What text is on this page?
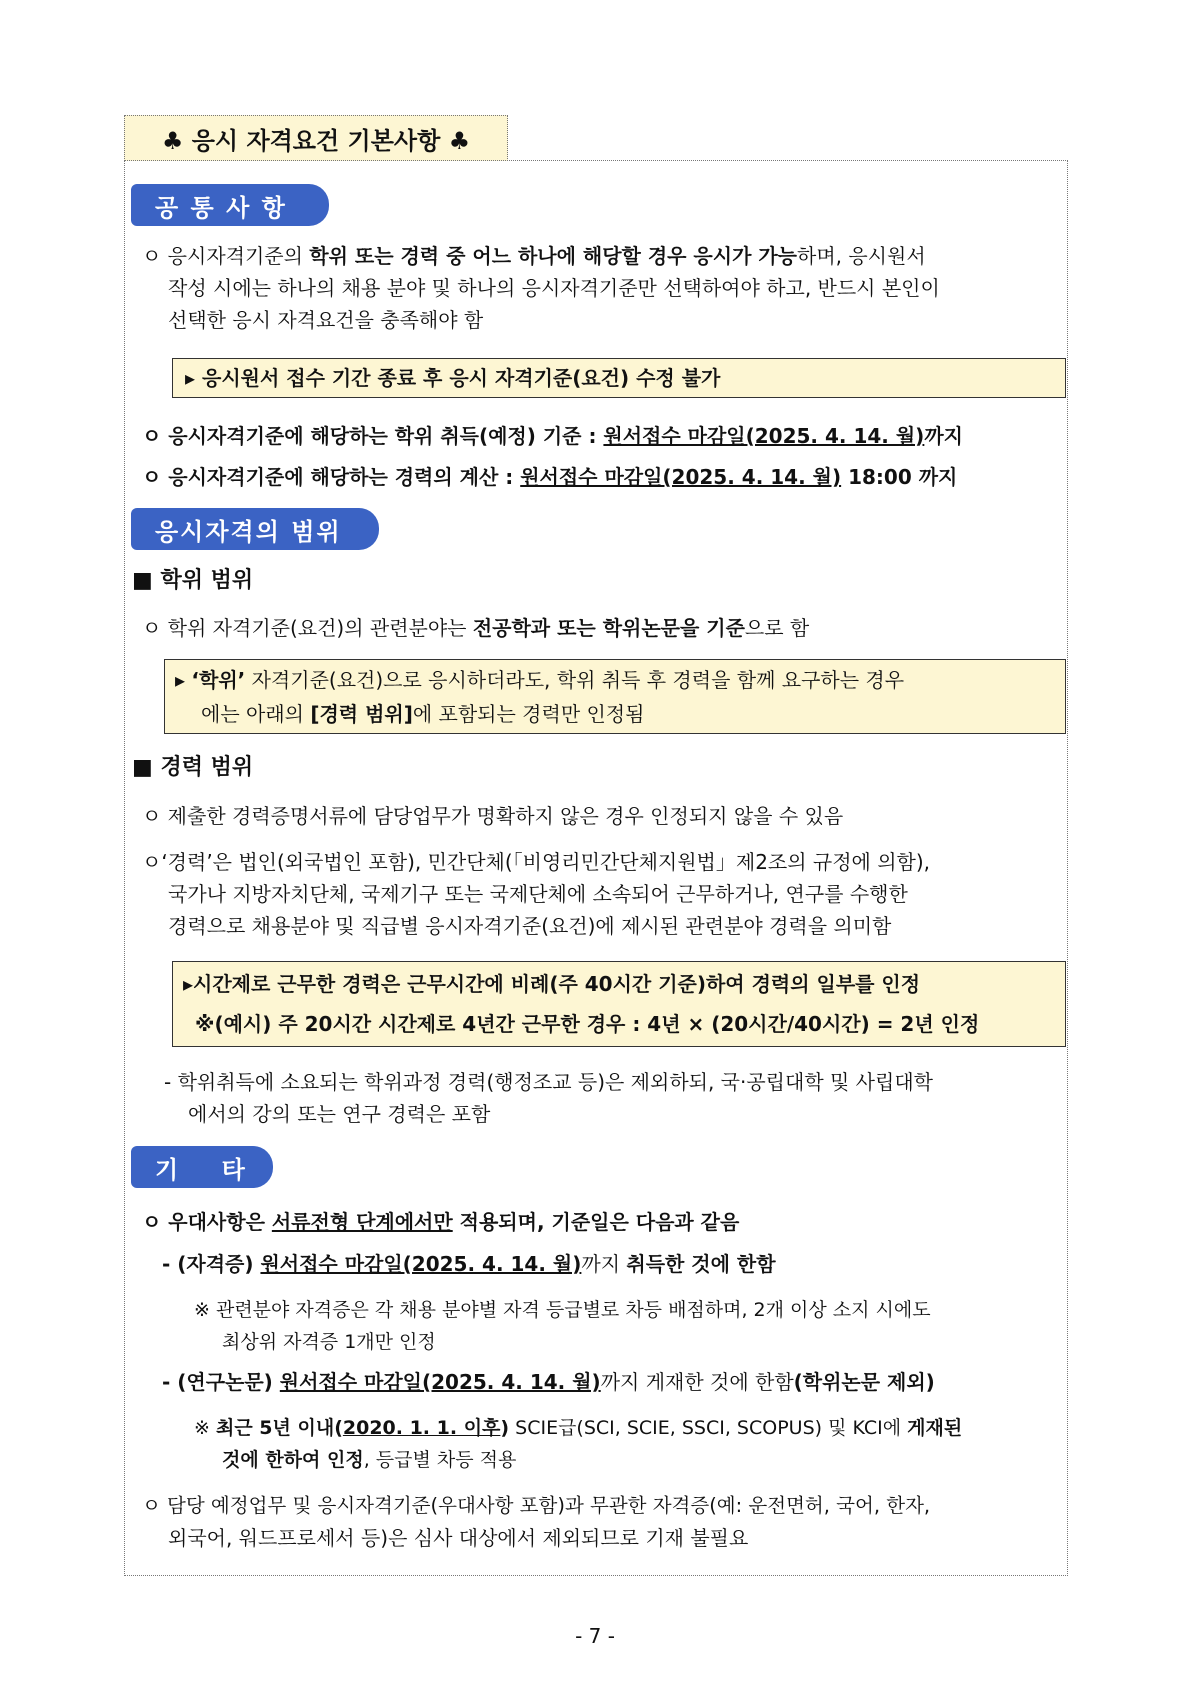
♣ 응시 자격요건 기본사항 ♣
공 통 사 항
ㅇ 응시자격기준의 학위 또는 경력 중 어느 하나에 해당할 경우 응시가 가능하며, 응시원서
작성 시에는 하나의 채용 분야 및 하나의 응시자격기준만 선택하여야 하고, 반드시 본인이
선택한 응시 자격요건을 충족해야 함
▸ 응시원서 접수 기간 종료 후 응시 자격기준(요건) 수정 불가
ㅇ 응시자격기준에 해당하는 학위 취득(예정) 기준 : 원서접수 마감일(2025. 4. 14. 월)까지
ㅇ 응시자격기준에 해당하는 경력의 계산 : 원서접수 마감일(2025. 4. 14. 월) 18:00 까지
응시자격의 범위
■ 학위 범위
ㅇ 학위 자격기준(요건)의 관련분야는 전공학과 또는 학위논문을 기준으로 함
▸ ‘학위’ 자격기준(요건)으로 응시하더라도, 학위 취득 후 경력을 함께 요구하는 경우
에는 아래의 [경력 범위]에 포함되는 경력만 인정됨
■ 경력 범위
ㅇ 제출한 경력증명서류에 담당업무가 명확하지 않은 경우 인정되지 않을 수 있음
ㅇ‘경력’은 법인(외국법인 포함), 민간단체(「비영리민간단체지원법」제2조의 규정에 의함),
국가나 지방자치단체, 국제기구 또는 국제단체에 소속되어 근무하거나, 연구를 수행한
경력으로 채용분야 및 직급별 응시자격기준(요건)에 제시된 관련분야 경력을 의미함
▸시간제로 근무한 경력은 근무시간에 비례(주 40시간 기준)하여 경력의 일부를 인정
※(예시) 주 20시간 시간제로 4년간 근무한 경우 : 4년 × (20시간/40시간) = 2년 인정
- 학위취득에 소요되는 학위과정 경력(행정조교 등)은 제외하되, 국·공립대학 및 사립대학
에서의 강의 또는 연구 경력은 포함
기    타
ㅇ 우대사항은 서류전형 단계에서만 적용되며, 기준일은 다음과 같음
- (자격증) 원서접수 마감일(2025. 4. 14. 월)까지 취득한 것에 한함
※ 관련분야 자격증은 각 채용 분야별 자격 등급별로 차등 배점하며, 2개 이상 소지 시에도
최상위 자격증 1개만 인정
- (연구논문) 원서접수 마감일(2025. 4. 14. 월)까지 게재한 것에 한함(학위논문 제외)
※ 최근 5년 이내(2020. 1. 1. 이후) SCIE급(SCI, SCIE, SSCI, SCOPUS) 및 KCI에 게재된
것에 한하여 인정, 등급별 차등 적용
ㅇ 담당 예정업무 및 응시자격기준(우대사항 포함)과 무관한 자격증(예: 운전면허, 국어, 한자,
외국어, 워드프로세서 등)은 심사 대상에서 제외되므로 기재 불필요
- 7 -
